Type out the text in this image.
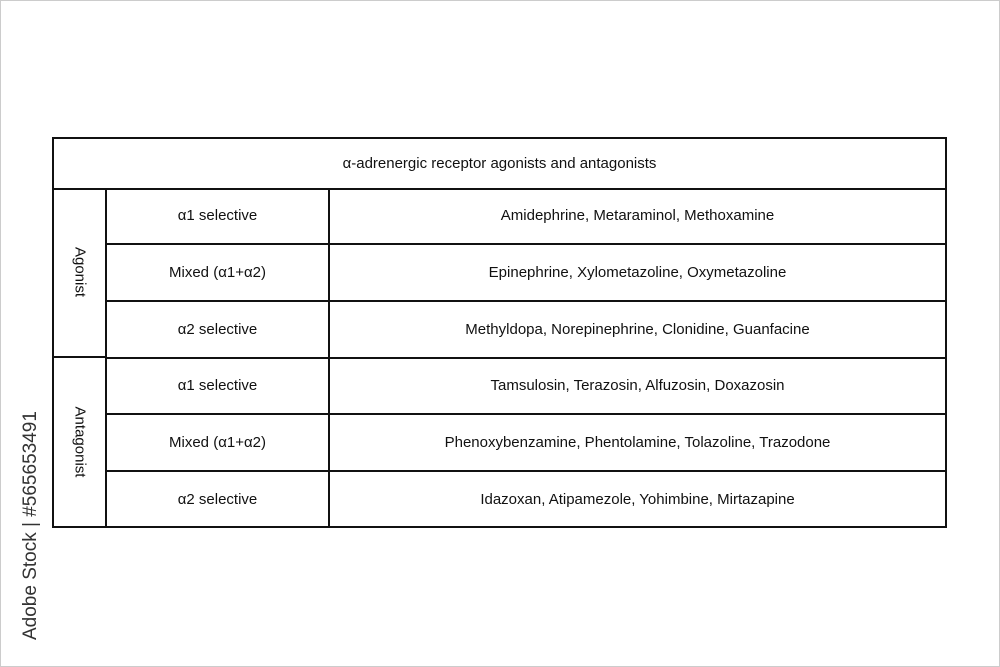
α-adrenergic receptor agonists and antagonists
Agonist
α1 selective	Amidephrine, Metaraminol, Methoxamine
Mixed (α1+α2)	Epinephrine, Xylometazoline, Oxymetazoline
α2 selective	Methyldopa, Norepinephrine, Clonidine, Guanfacine
Antagonist
α1 selective	Tamsulosin, Terazosin, Alfuzosin, Doxazosin
Mixed (α1+α2)	Phenoxybenzamine, Phentolamine, Tolazoline, Trazodone
α2 selective	Idazoxan, Atipamezole, Yohimbine, Mirtazapine
Adobe Stock | #565653491
